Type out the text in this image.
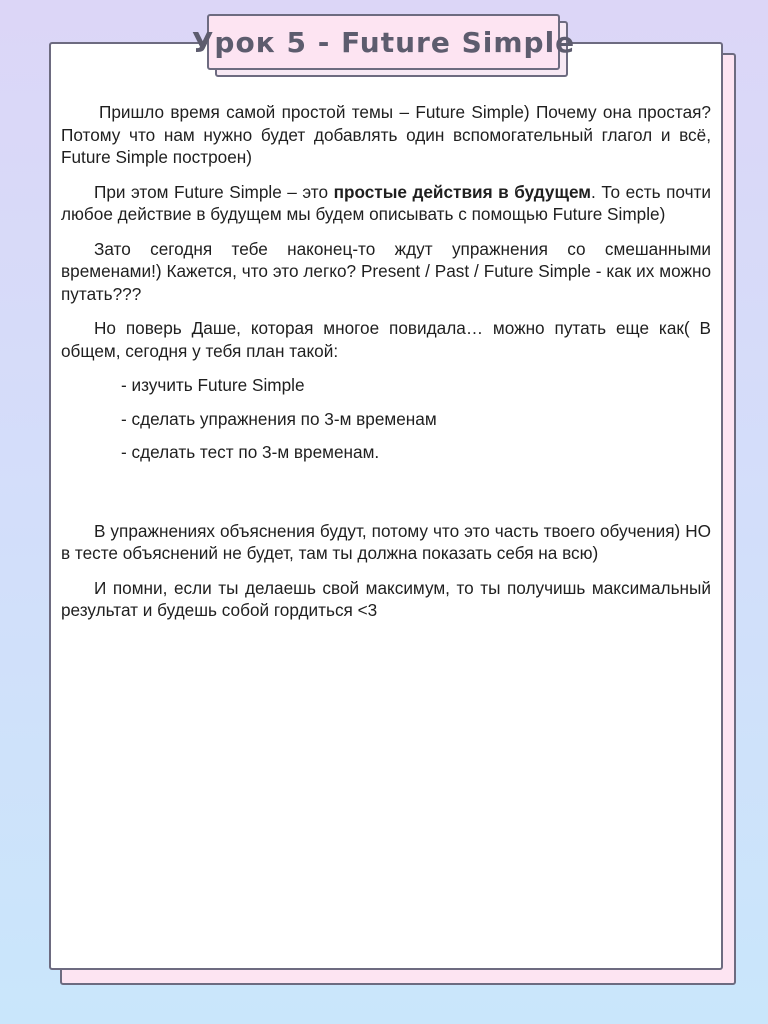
Урок 5 - Future Simple

Пришло время самой простой темы – Future Simple) Почему она простая? Потому что нам нужно будет добавлять один вспомогательный глагол и всё, Future Simple построен)

При этом Future Simple – это простые действия в будущем. То есть почти любое действие в будущем мы будем описывать с помощью Future Simple)

Зато сегодня тебе наконец-то ждут упражнения со смешанными временами!) Кажется, что это легко? Present / Past / Future Simple - как их можно путать???

Но поверь Даше, которая многое повидала… можно путать еще как( В общем, сегодня у тебя план такой:

- изучить Future Simple
- сделать упражнения по 3-м временам
- сделать тест по 3-м временам.

В упражнениях объяснения будут, потому что это часть твоего обучения) НО в тесте объяснений не будет, там ты должна показать себя на всю)

И помни, если ты делаешь свой максимум, то ты получишь максимальный результат и будешь собой гордиться <3
